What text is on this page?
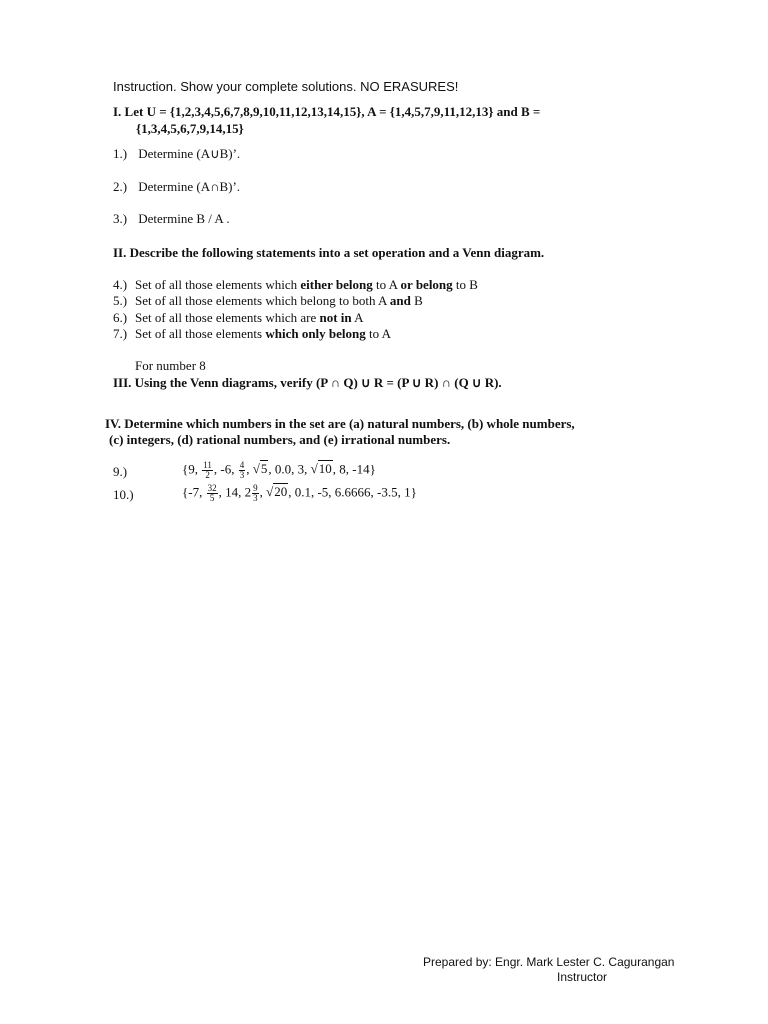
Instruction. Show your complete solutions. NO ERASURES!
I. Let U = {1,2,3,4,5,6,7,8,9,10,11,12,13,14,15}, A = {1,4,5,7,9,11,12,13} and B =
{1,3,4,5,6,7,9,14,15}
1.) Determine (A∪B)’.
2.) Determine (A∩B)’.
3.) Determine B / A .
II. Describe the following statements into a set operation and a Venn diagram.
4.) Set of all those elements which either belong to A or belong to B
5.) Set of all those elements which belong to both A and B
6.) Set of all those elements which are not in A
7.) Set of all those elements which only belong to A
For number 8
III. Using the Venn diagrams, verify (P ∩ Q) ∪ R = (P ∪ R) ∩ (Q ∪ R).
IV. Determine which numbers in the set are (a) natural numbers, (b) whole numbers,
(c) integers, (d) rational numbers, and (e) irrational numbers.
9.)	{9, $\frac{11}{2}$ , -6, $\frac{4}{3}$ , √5, 0.0, 3, √10, 8, -14}
10.)	{-7, $\frac{32}{5}$ , 14, $2 \frac{9}{3}$ , √20, 0.1, -5, 6.6666, -3.5, 1}
Prepared by: Engr. Mark Lester C. Cagurangan
Instructor
